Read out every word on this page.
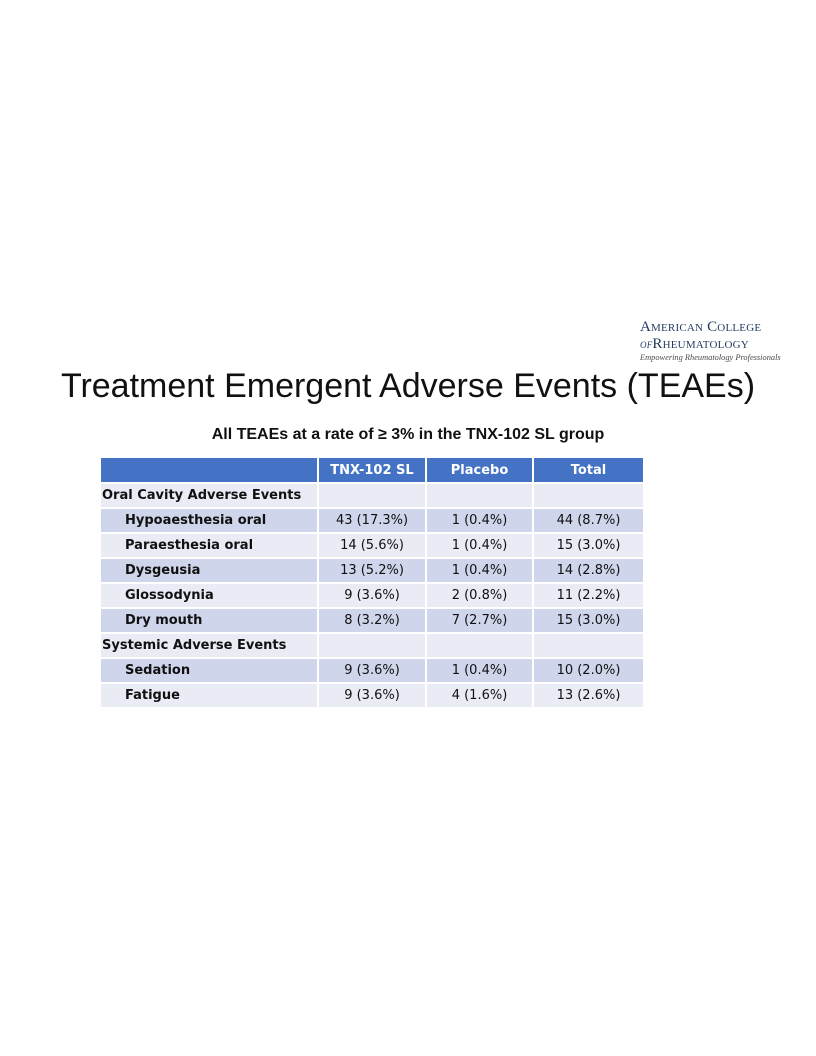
American College
ofRheumatology
Empowering Rheumatology Professionals
Treatment Emergent Adverse Events (TEAEs)
All TEAEs at a rate of ≥ 3% in the TNX-102 SL group
	TNX-102 SL	Placebo	Total
Oral Cavity Adverse Events			
Hypoaesthesia oral	43 (17.3%)	1 (0.4%)	44 (8.7%)
Paraesthesia oral	14 (5.6%)	1 (0.4%)	15 (3.0%)
Dysgeusia	13 (5.2%)	1 (0.4%)	14 (2.8%)
Glossodynia	9 (3.6%)	2 (0.8%)	11 (2.2%)
Dry mouth	8 (3.2%)	7 (2.7%)	15 (3.0%)
Systemic Adverse Events			
Sedation	9 (3.6%)	1 (0.4%)	10 (2.0%)
Fatigue	9 (3.6%)	4 (1.6%)	13 (2.6%)
